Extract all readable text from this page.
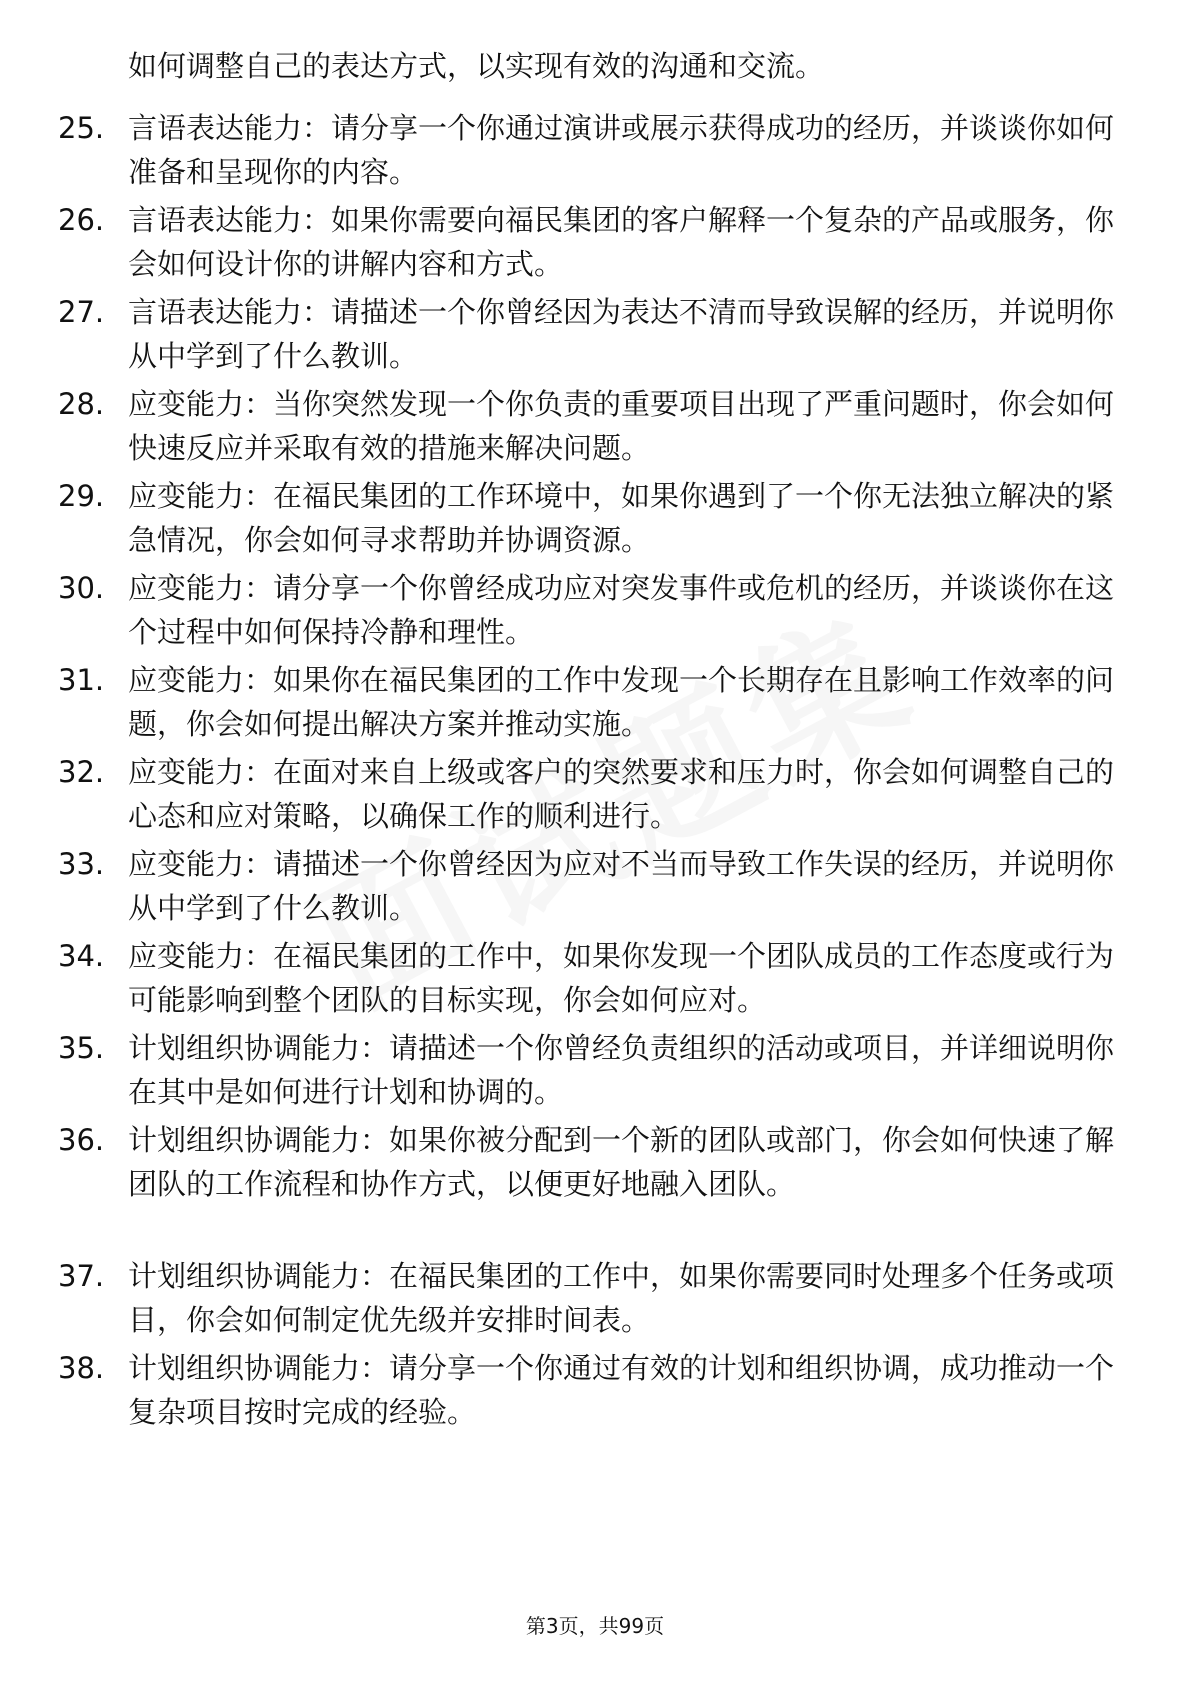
如何调整自己的表达方式，以实现有效的沟通和交流。
25. 言语表达能力：请分享一个你通过演讲或展示获得成功的经历，并谈谈你如何准备和呈现你的内容。
26. 言语表达能力：如果你需要向福民集团的客户解释一个复杂的产品或服务，你会如何设计你的讲解内容和方式。
27. 言语表达能力：请描述一个你曾经因为表达不清而导致误解的经历，并说明你从中学到了什么教训。
28. 应变能力：当你突然发现一个你负责的重要项目出现了严重问题时，你会如何快速反应并采取有效的措施来解决问题。
29. 应变能力：在福民集团的工作环境中，如果你遇到了一个你无法独立解决的紧急情况，你会如何寻求帮助并协调资源。
30. 应变能力：请分享一个你曾经成功应对突发事件或危机的经历，并谈谈你在这个过程中如何保持冷静和理性。
31. 应变能力：如果你在福民集团的工作中发现一个长期存在且影响工作效率的问题，你会如何提出解决方案并推动实施。
32. 应变能力：在面对来自上级或客户的突然要求和压力时，你会如何调整自己的心态和应对策略，以确保工作的顺利进行。
33. 应变能力：请描述一个你曾经因为应对不当而导致工作失误的经历，并说明你从中学到了什么教训。
34. 应变能力：在福民集团的工作中，如果你发现一个团队成员的工作态度或行为可能影响到整个团队的目标实现，你会如何应对。
35. 计划组织协调能力：请描述一个你曾经负责组织的活动或项目，并详细说明你在其中是如何进行计划和协调的。
36. 计划组织协调能力：如果你被分配到一个新的团队或部门，你会如何快速了解团队的工作流程和协作方式，以便更好地融入团队。
37. 计划组织协调能力：在福民集团的工作中，如果你需要同时处理多个任务或项目，你会如何制定优先级并安排时间表。
38. 计划组织协调能力：请分享一个你通过有效的计划和组织协调，成功推动一个复杂项目按时完成的经验。
第3页，共99页
